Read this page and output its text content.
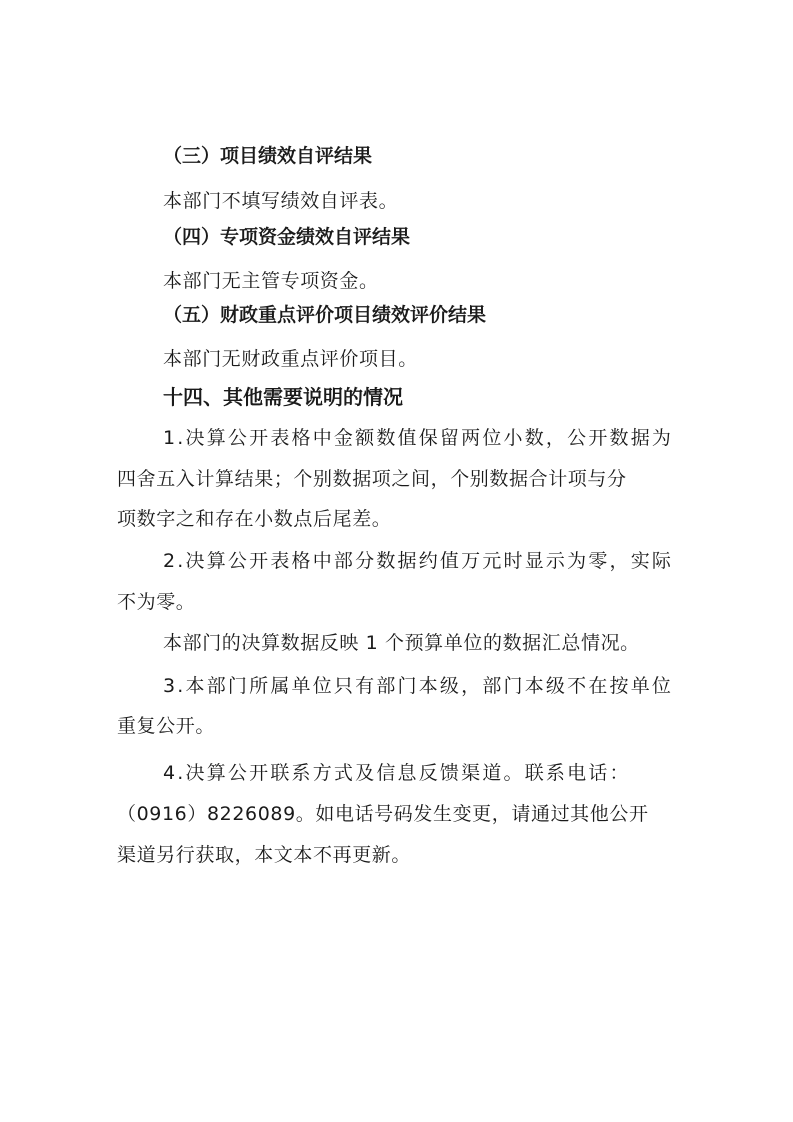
（三）项目绩效自评结果
本部门不填写绩效自评表。
（四）专项资金绩效自评结果
本部门无主管专项资金。
（五）财政重点评价项目绩效评价结果
本部门无财政重点评价项目。
十四、其他需要说明的情况
1.决算公开表格中金额数值保留两位小数，公开数据为
四舍五入计算结果；个别数据项之间，个别数据合计项与分
项数字之和存在小数点后尾差。
2.决算公开表格中部分数据约值万元时显示为零，实际
不为零。
本部门的决算数据反映 1 个预算单位的数据汇总情况。
3.本部门所属单位只有部门本级，部门本级不在按单位
重复公开。
4.决算公开联系方式及信息反馈渠道。联系电话：
（0916）8226089。如电话号码发生变更，请通过其他公开
渠道另行获取，本文本不再更新。
